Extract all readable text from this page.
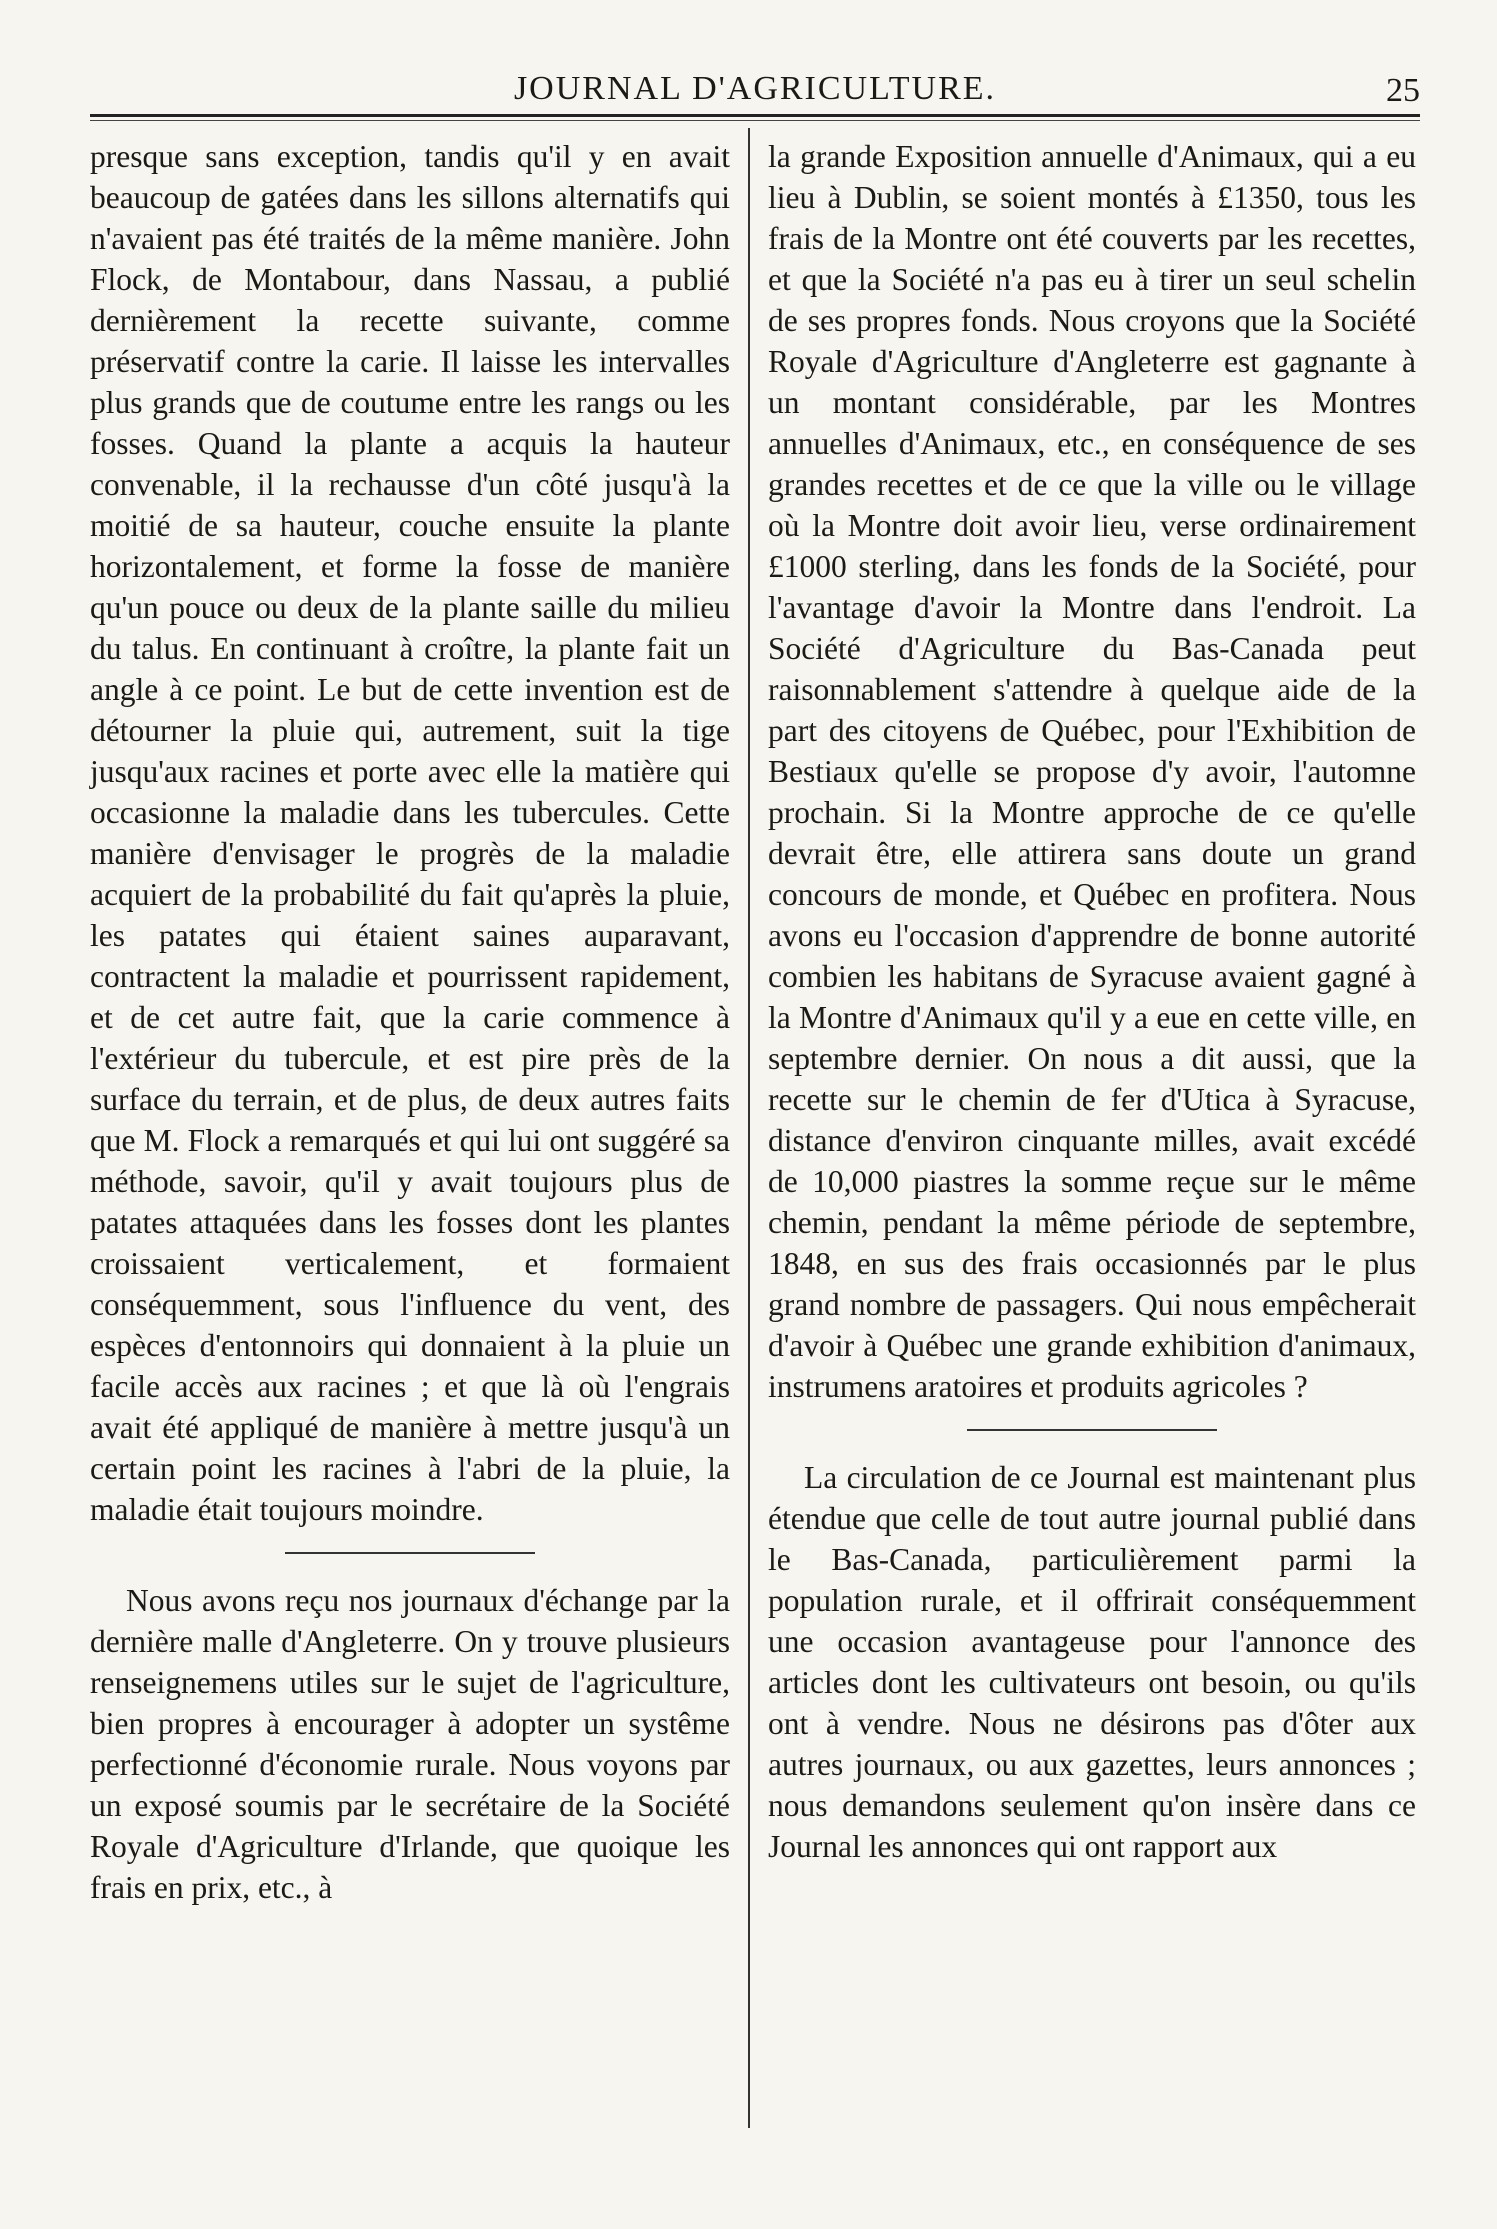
JOURNAL D'AGRICULTURE.	25

presque sans exception, tandis qu'il y en avait beaucoup de gatées dans les sillons alternatifs qui n'avaient pas été traités de la même manière. John Flock, de Montabour, dans Nassau, a publié dernièrement la recette suivante, comme préservatif contre la carie. Il laisse les intervalles plus grands que de coutume entre les rangs ou les fosses. Quand la plante a acquis la hauteur convenable, il la rechausse d'un côté jusqu'à la moitié de sa hauteur, couche ensuite la plante horizontalement, et forme la fosse de manière qu'un pouce ou deux de la plante saille du milieu du talus. En continuant à croître, la plante fait un angle à ce point. Le but de cette invention est de détourner la pluie qui, autrement, suit la tige jusqu'aux racines et porte avec elle la matière qui occasionne la maladie dans les tubercules. Cette manière d'envisager le progrès de la maladie acquiert de la probabilité du fait qu'après la pluie, les patates qui étaient saines auparavant, contractent la maladie et pourrissent rapidement, et de cet autre fait, que la carie commence à l'extérieur du tubercule, et est pire près de la surface du terrain, et de plus, de deux autres faits que M. Flock a remarqués et qui lui ont suggéré sa méthode, savoir, qu'il y avait toujours plus de patates attaquées dans les fosses dont les plantes croissaient verticalement, et formaient conséquemment, sous l'influence du vent, des espèces d'entonnoirs qui donnaient à la pluie un facile accès aux racines ; et que là où l'engrais avait été appliqué de manière à mettre jusqu'à un certain point les racines à l'abri de la pluie, la maladie était toujours moindre.

Nous avons reçu nos journaux d'échange par la dernière malle d'Angleterre. On y trouve plusieurs renseignemens utiles sur le sujet de l'agriculture, bien propres à encourager à adopter un systême perfectionné d'économie rurale. Nous voyons par un exposé soumis par le secrétaire de la Société Royale d'Agriculture d'Irlande, que quoique les frais en prix, etc., à

la grande Exposition annuelle d'Animaux, qui a eu lieu à Dublin, se soient montés à £1350, tous les frais de la Montre ont été couverts par les recettes, et que la Société n'a pas eu à tirer un seul schelin de ses propres fonds. Nous croyons que la Société Royale d'Agriculture d'Angleterre est gagnante à un montant considérable, par les Montres annuelles d'Animaux, etc., en conséquence de ses grandes recettes et de ce que la ville ou le village où la Montre doit avoir lieu, verse ordinairement £1000 sterling, dans les fonds de la Société, pour l'avantage d'avoir la Montre dans l'endroit. La Société d'Agriculture du Bas-Canada peut raisonnablement s'attendre à quelque aide de la part des citoyens de Québec, pour l'Exhibition de Bestiaux qu'elle se propose d'y avoir, l'automne prochain. Si la Montre approche de ce qu'elle devrait être, elle attirera sans doute un grand concours de monde, et Québec en profitera. Nous avons eu l'occasion d'apprendre de bonne autorité combien les habitans de Syracuse avaient gagné à la Montre d'Animaux qu'il y a eue en cette ville, en septembre dernier. On nous a dit aussi, que la recette sur le chemin de fer d'Utica à Syracuse, distance d'environ cinquante milles, avait excédé de 10,000 piastres la somme reçue sur le même chemin, pendant la même période de septembre, 1848, en sus des frais occasionnés par le plus grand nombre de passagers. Qui nous empêcherait d'avoir à Québec une grande exhibition d'animaux, instrumens aratoires et produits agricoles ?

La circulation de ce Journal est maintenant plus étendue que celle de tout autre journal publié dans le Bas-Canada, particulièrement parmi la population rurale, et il offrirait conséquemment une occasion avantageuse pour l'annonce des articles dont les cultivateurs ont besoin, ou qu'ils ont à vendre. Nous ne désirons pas d'ôter aux autres journaux, ou aux gazettes, leurs annonces ; nous demandons seulement qu'on insère dans ce Journal les annonces qui ont rapport aux
